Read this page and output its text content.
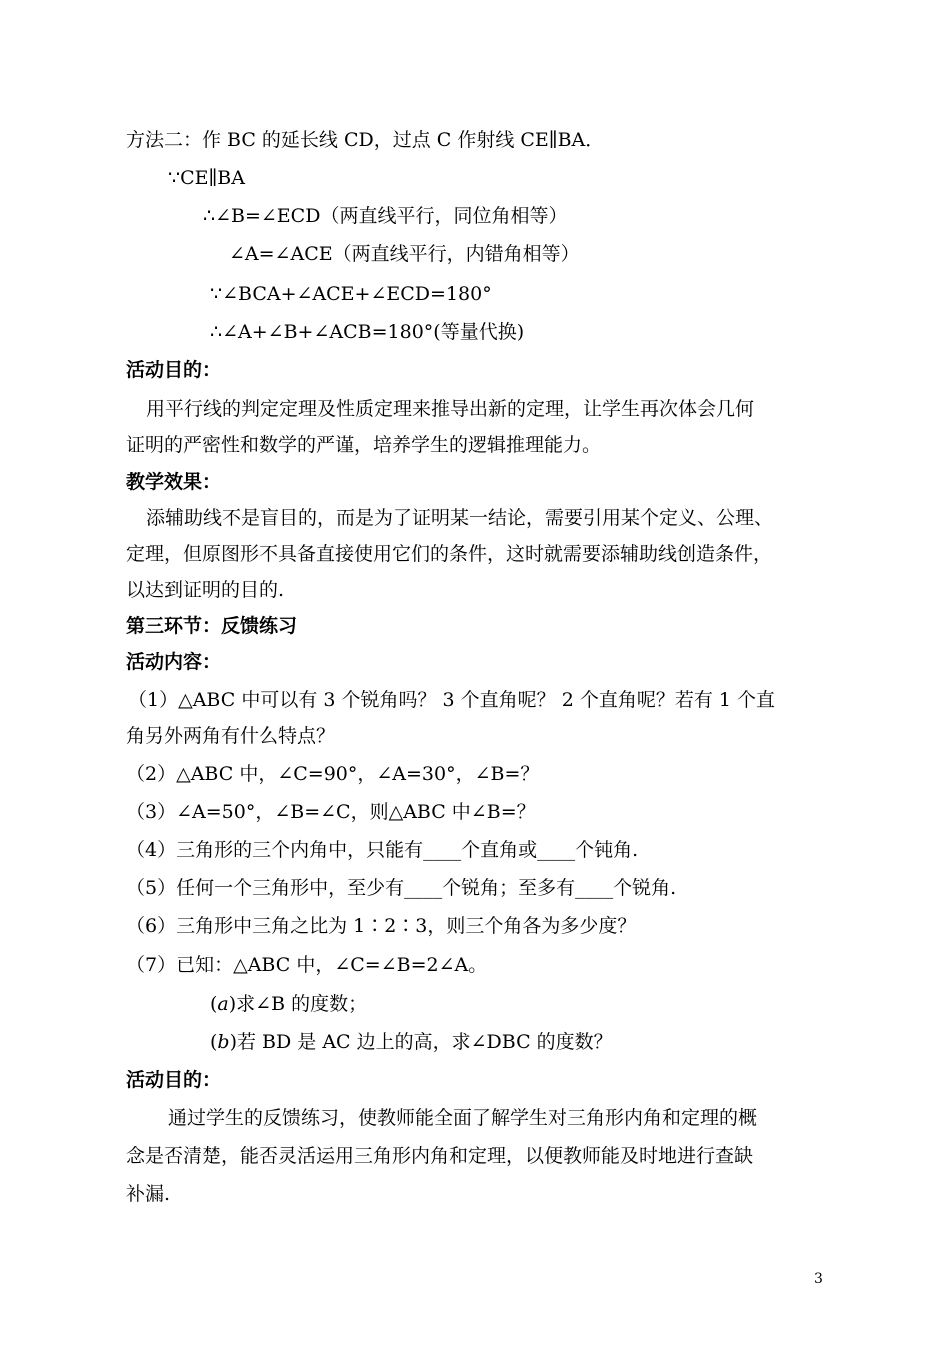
方法二：作 BC 的延长线 CD，过点 C 作射线 CE∥BA．
∵CE∥BA
∴∠B=∠ECD（两直线平行，同位角相等）
∠A=∠ACE（两直线平行，内错角相等）
∵∠BCA+∠ACE+∠ECD=180°
∴∠A+∠B+∠ACB=180°(等量代换)
活动目的：
用平行线的判定定理及性质定理来推导出新的定理，让学生再次体会几何
证明的严密性和数学的严谨，培养学生的逻辑推理能力。
教学效果：
添辅助线不是盲目的，而是为了证明某一结论，需要引用某个定义、公理、
定理，但原图形不具备直接使用它们的条件，这时就需要添辅助线创造条件，
以达到证明的目的.
第三环节：反馈练习
活动内容：
（1）△ABC 中可以有 3 个锐角吗？ 3 个直角呢？ 2 个直角呢？若有 1 个直
角另外两角有什么特点？
（2）△ABC 中，∠C=90°，∠A=30°，∠B=？
（3）∠A=50°，∠B=∠C，则△ABC 中∠B=？
（4）三角形的三个内角中，只能有____个直角或____个钝角.
（5）任何一个三角形中，至少有____个锐角；至多有____个锐角.
（6）三角形中三角之比为 1∶2∶3，则三个角各为多少度？
（7）已知：△ABC 中，∠C=∠B=2∠A。
(a)求∠B 的度数；
(b)若 BD 是 AC 边上的高，求∠DBC 的度数？
活动目的：
通过学生的反馈练习，使教师能全面了解学生对三角形内角和定理的概
念是否清楚，能否灵活运用三角形内角和定理，以便教师能及时地进行查缺
补漏.
3
